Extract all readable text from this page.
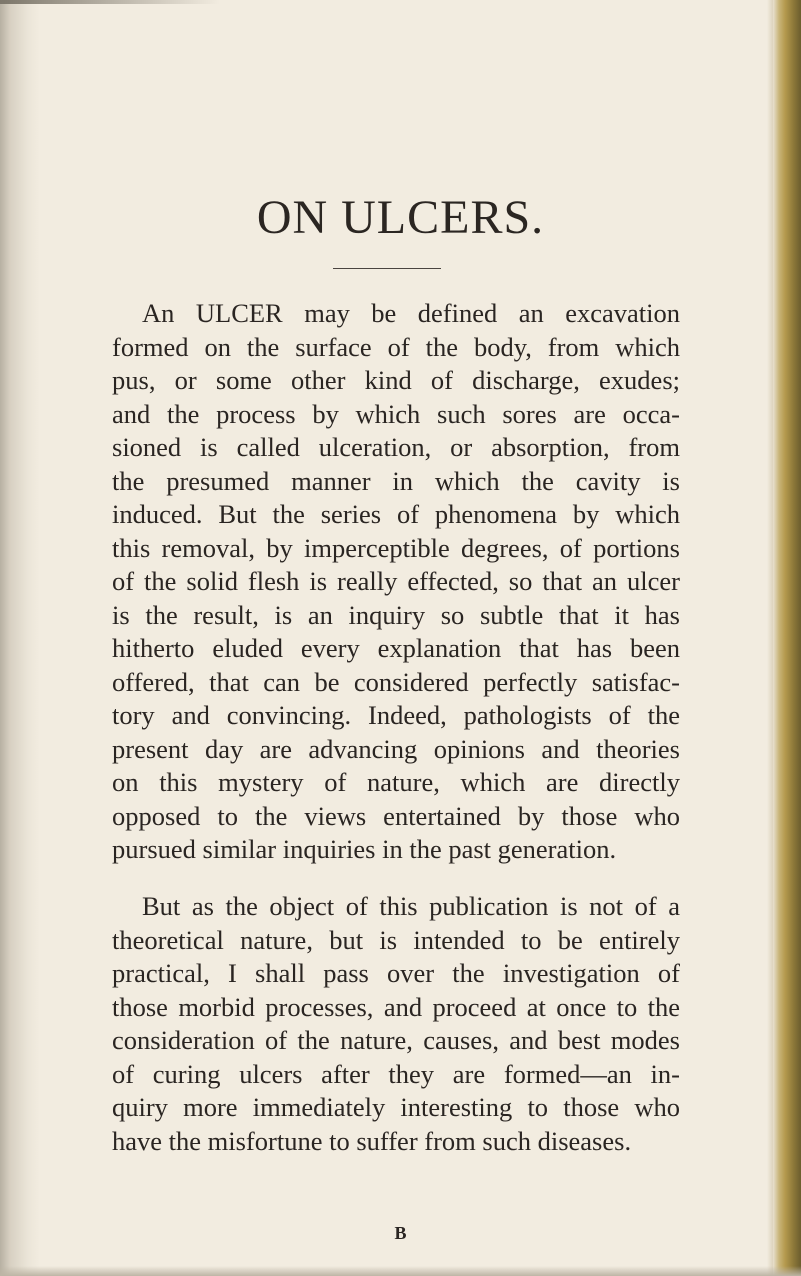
ON ULCERS.
An ULCER may be defined an excavation
formed on the surface of the body, from which
pus, or some other kind of discharge, exudes;
and the process by which such sores are occa-
sioned is called ulceration, or absorption, from
the presumed manner in which the cavity is
induced. But the series of phenomena by which
this removal, by imperceptible degrees, of portions
of the solid flesh is really effected, so that an ulcer
is the result, is an inquiry so subtle that it has
hitherto eluded every explanation that has been
offered, that can be considered perfectly satisfac-
tory and convincing. Indeed, pathologists of the
present day are advancing opinions and theories
on this mystery of nature, which are directly
opposed to the views entertained by those who
pursued similar inquiries in the past generation.
But as the object of this publication is not of a
theoretical nature, but is intended to be entirely
practical, I shall pass over the investigation of
those morbid processes, and proceed at once to the
consideration of the nature, causes, and best modes
of curing ulcers after they are formed—an in-
quiry more immediately interesting to those who
have the misfortune to suffer from such diseases.
B
